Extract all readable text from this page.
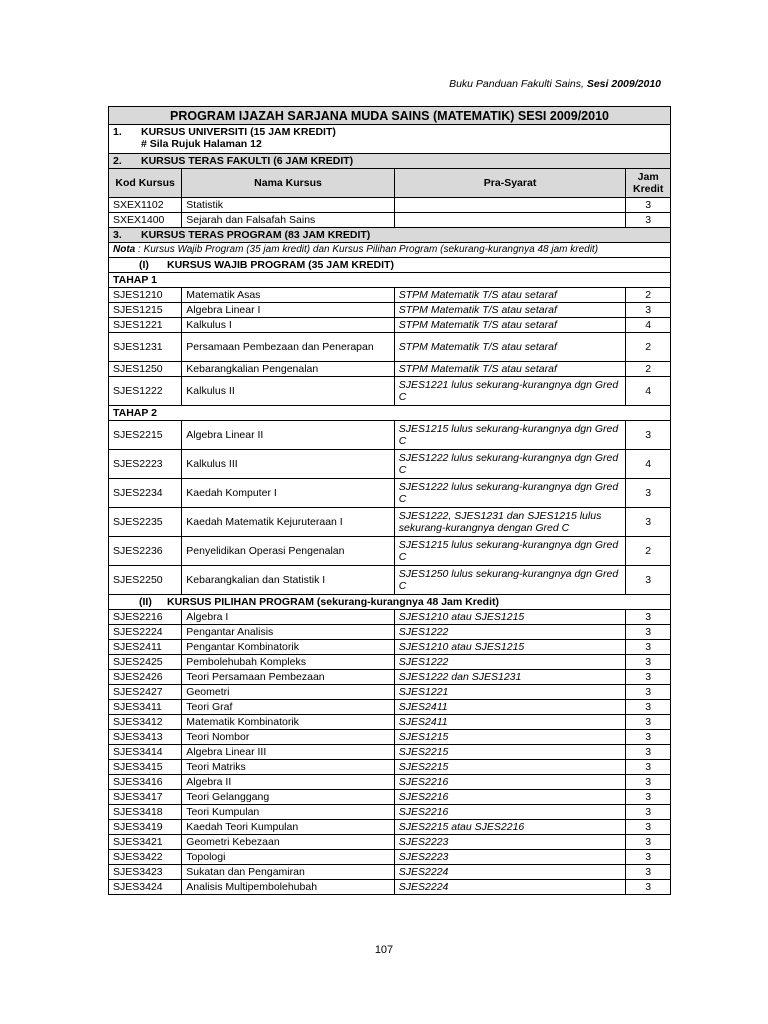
Buku Panduan Fakulti Sains, Sesi 2009/2010
PROGRAM IJAZAH SARJANA MUDA SAINS (MATEMATIK) SESI 2009/2010			
1. KURSUS UNIVERSITI (15 JAM KREDIT)
# Sila Rujuk Halaman 12			
2. KURSUS TERAS FAKULTI (6 JAM KREDIT)			
Kod Kursus	Nama Kursus	Pra-Syarat	Jam Kredit
SXEX1102	Statistik		3
SXEX1400	Sejarah dan Falsafah Sains		3
3. KURSUS TERAS PROGRAM (83 JAM KREDIT)			
Nota : Kursus Wajib Program (35 jam kredit) dan Kursus Pilihan Program (sekurang-kurangnya 48 jam kredit)			
(I) KURSUS WAJIB PROGRAM (35 JAM KREDIT)			
TAHAP 1			
SJES1210	Matematik Asas	STPM Matematik T/S atau setaraf	2
SJES1215	Algebra Linear I	STPM Matematik T/S atau setaraf	3
SJES1221	Kalkulus I	STPM Matematik T/S atau setaraf	4
SJES1231	Persamaan Pembezaan dan Penerapan	STPM Matematik T/S atau setaraf	2
SJES1250	Kebarangkalian Pengenalan	STPM Matematik T/S atau setaraf	2
SJES1222	Kalkulus II	SJES1221 lulus sekurang-kurangnya dgn Gred C	4
TAHAP 2			
SJES2215	Algebra Linear II	SJES1215 lulus sekurang-kurangnya dgn Gred C	3
SJES2223	Kalkulus III	SJES1222 lulus sekurang-kurangnya dgn Gred C	4
SJES2234	Kaedah Komputer I	SJES1222 lulus sekurang-kurangnya dgn Gred C	3
SJES2235	Kaedah Matematik Kejuruteraan I	SJES1222, SJES1231 dan SJES1215 lulus sekurang-kurangnya dengan Gred C	3
SJES2236	Penyelidikan Operasi Pengenalan	SJES1215 lulus sekurang-kurangnya dgn Gred C	2
SJES2250	Kebarangkalian dan Statistik I	SJES1250 lulus sekurang-kurangnya dgn Gred C	3
(II) KURSUS PILIHAN PROGRAM (sekurang-kurangnya 48 Jam Kredit)			
SJES2216	Algebra I	SJES1210 atau SJES1215	3
SJES2224	Pengantar Analisis	SJES1222	3
SJES2411	Pengantar Kombinatorik	SJES1210 atau SJES1215	3
SJES2425	Pembolehubah Kompleks	SJES1222	3
SJES2426	Teori Persamaan Pembezaan	SJES1222 dan SJES1231	3
SJES2427	Geometri	SJES1221	3
SJES3411	Teori Graf	SJES2411	3
SJES3412	Matematik Kombinatorik	SJES2411	3
SJES3413	Teori Nombor	SJES1215	3
SJES3414	Algebra Linear III	SJES2215	3
SJES3415	Teori Matriks	SJES2215	3
SJES3416	Algebra II	SJES2216	3
SJES3417	Teori Gelanggang	SJES2216	3
SJES3418	Teori Kumpulan	SJES2216	3
SJES3419	Kaedah Teori Kumpulan	SJES2215 atau SJES2216	3
SJES3421	Geometri Kebezaan	SJES2223	3
SJES3422	Topologi	SJES2223	3
SJES3423	Sukatan dan Pengamiran	SJES2224	3
SJES3424	Analisis Multipembolehubah	SJES2224	3
107
